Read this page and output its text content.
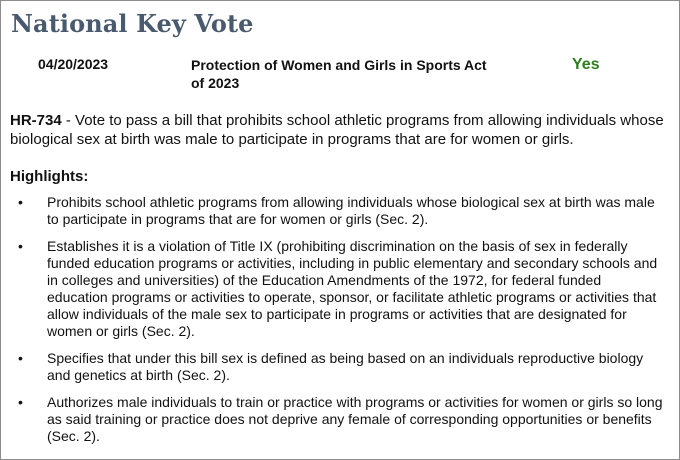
National Key Vote
04/20/2023	Protection of Women and Girls in Sports Act of 2023
Yes
HR-734 - Vote to pass a bill that prohibits school athletic programs from allowing individuals whose biological sex at birth was male to participate in programs that are for women or girls.
Highlights:
• Prohibits school athletic programs from allowing individuals whose biological sex at birth was male to participate in programs that are for women or girls (Sec. 2).
• Establishes it is a violation of Title IX (prohibiting discrimination on the basis of sex in federally funded education programs or activities, including in public elementary and secondary schools and in colleges and universities) of the Education Amendments of the 1972, for federal funded education programs or activities to operate, sponsor, or facilitate athletic programs or activities that allow individuals of the male sex to participate in programs or activities that are designated for women or girls (Sec. 2).
• Specifies that under this bill sex is defined as being based on an individuals reproductive biology and genetics at birth (Sec. 2).
• Authorizes male individuals to train or practice with programs or activities for women or girls so long as said training or practice does not deprive any female of corresponding opportunities or benefits (Sec. 2).
